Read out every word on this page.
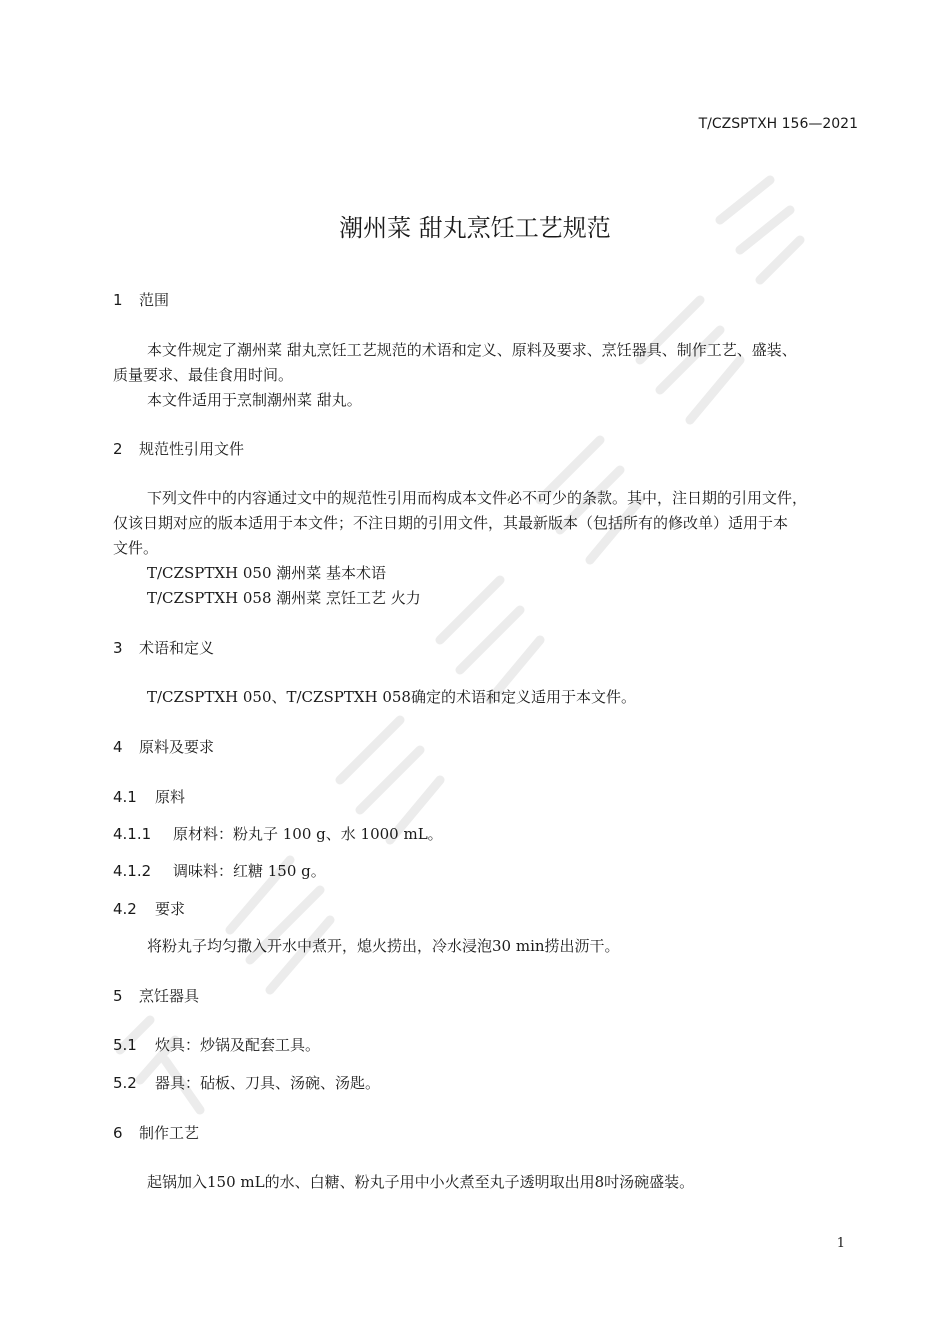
T/CZSPTXH 156—2021
潮州菜 甜丸烹饪工艺规范
1 范围
本文件规定了潮州菜 甜丸烹饪工艺规范的术语和定义、原料及要求、烹饪器具、制作工艺、盛装、
质量要求、最佳食用时间。
本文件适用于烹制潮州菜 甜丸。
2 规范性引用文件
下列文件中的内容通过文中的规范性引用而构成本文件必不可少的条款。其中，注日期的引用文件，
仅该日期对应的版本适用于本文件；不注日期的引用文件，其最新版本（包括所有的修改单）适用于本
文件。
T/CZSPTXH 050 潮州菜 基本术语
T/CZSPTXH 058 潮州菜 烹饪工艺 火力
3 术语和定义
T/CZSPTXH 050、T/CZSPTXH 058确定的术语和定义适用于本文件。
4 原料及要求
4.1 原料
4.1.1 原材料：粉丸子 100 g、水 1000 mL。
4.1.2 调味料：红糖 150 g。
4.2 要求
将粉丸子均匀撒入开水中煮开，熄火捞出，冷水浸泡30 min捞出沥干。
5 烹饪器具
5.1 炊具：炒锅及配套工具。
5.2 器具：砧板、刀具、汤碗、汤匙。
6 制作工艺
起锅加入150 mL的水、白糖、粉丸子用中小火煮至丸子透明取出用8吋汤碗盛装。
1
